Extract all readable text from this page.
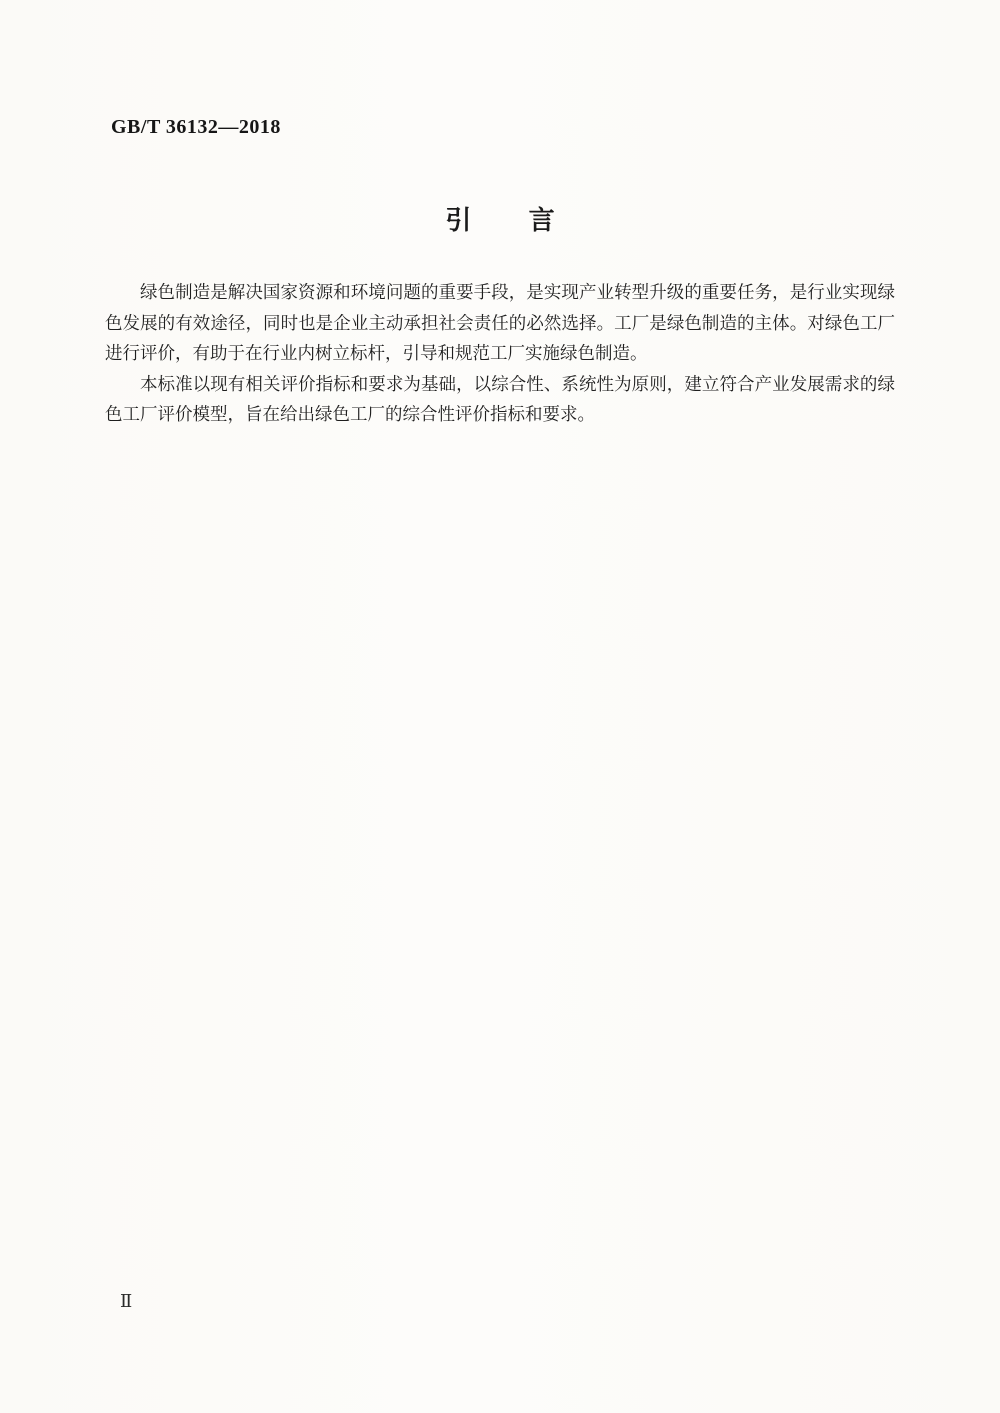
GB/T 36132—2018
引言

绿色制造是解决国家资源和环境问题的重要手段，是实现产业转型升级的重要任务，是行业实现绿色发展的有效途径，同时也是企业主动承担社会责任的必然选择。工厂是绿色制造的主体。对绿色工厂进行评价，有助于在行业内树立标杆，引导和规范工厂实施绿色制造。

本标准以现有相关评价指标和要求为基础，以综合性、系统性为原则，建立符合产业发展需求的绿色工厂评价模型，旨在给出绿色工厂的综合性评价指标和要求。

Ⅱ
